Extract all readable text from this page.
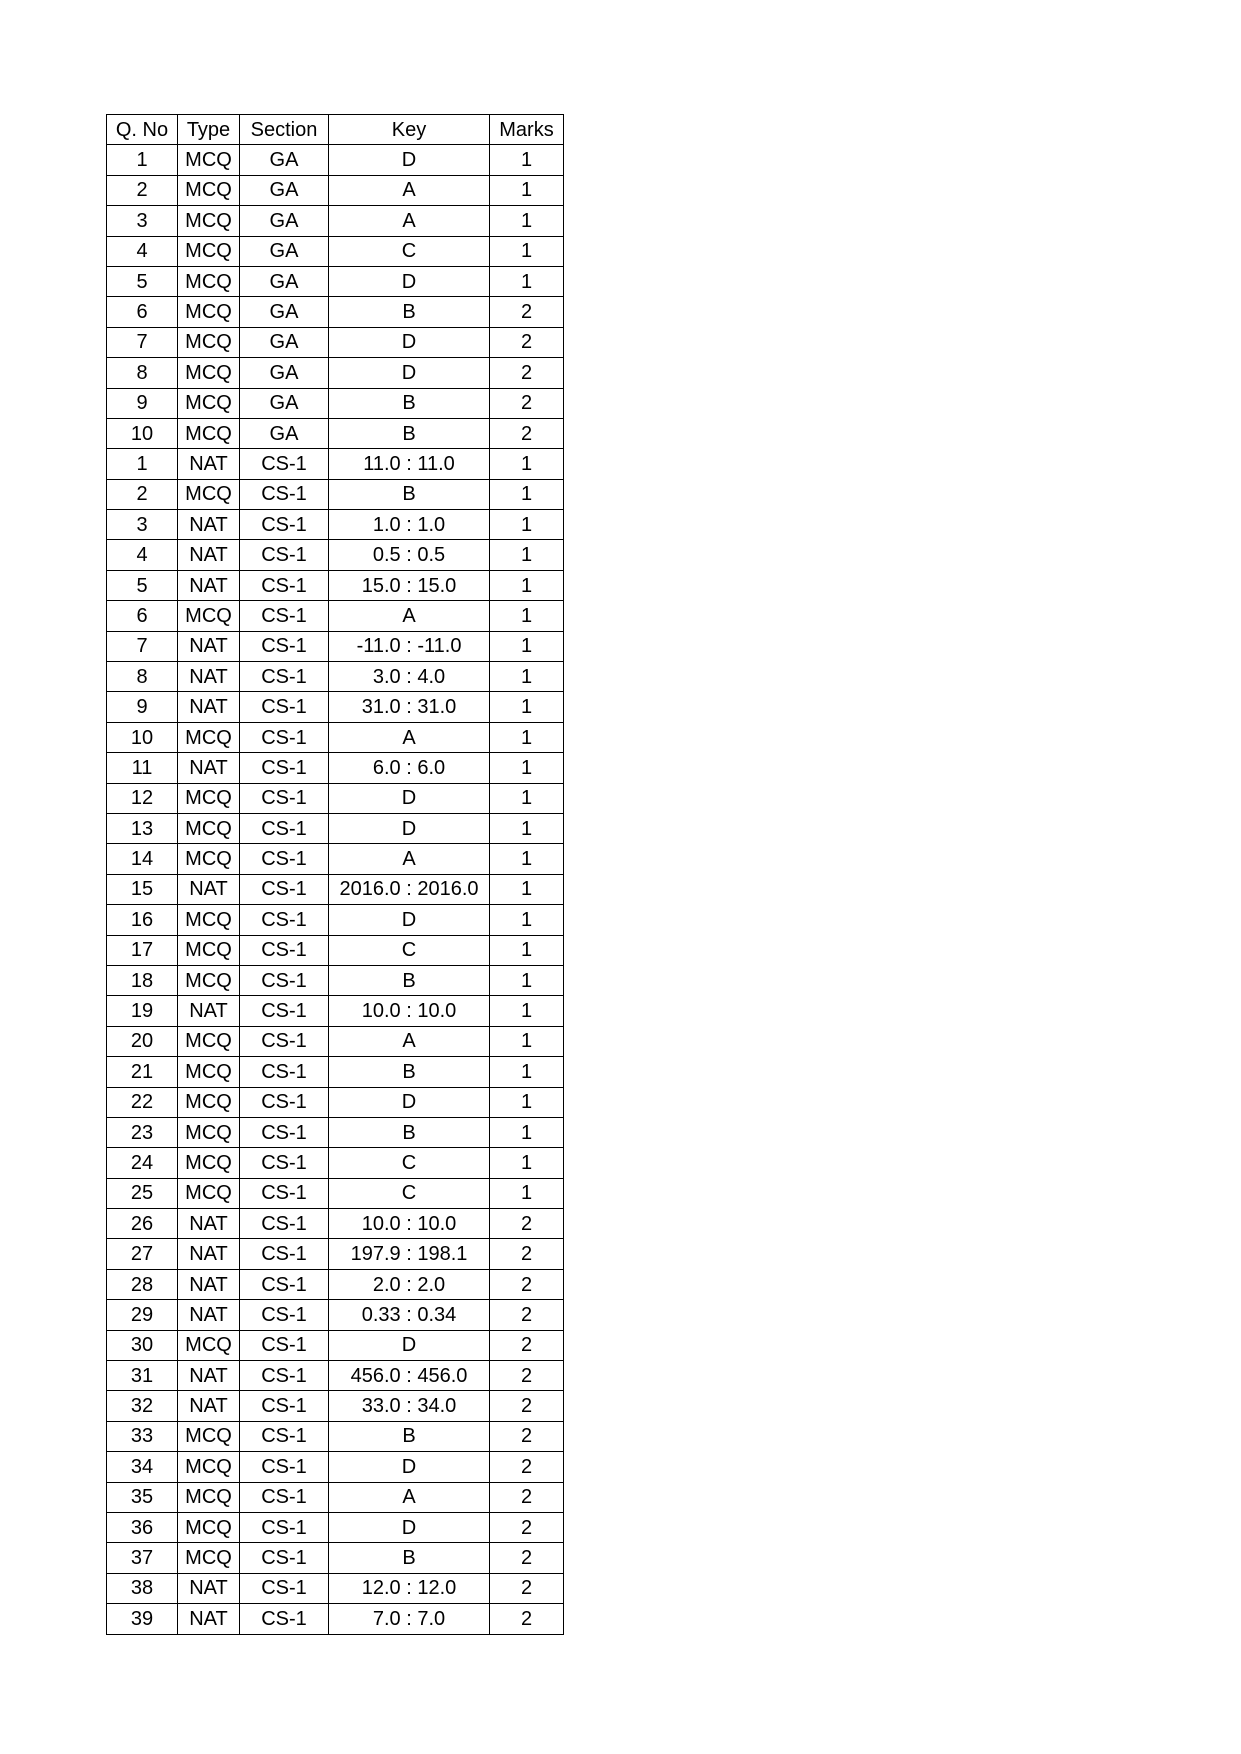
Q. No	Type	Section	Key	Marks
1	MCQ	GA	D	1
2	MCQ	GA	A	1
3	MCQ	GA	A	1
4	MCQ	GA	C	1
5	MCQ	GA	D	1
6	MCQ	GA	B	2
7	MCQ	GA	D	2
8	MCQ	GA	D	2
9	MCQ	GA	B	2
10	MCQ	GA	B	2
1	NAT	CS-1	11.0 : 11.0	1
2	MCQ	CS-1	B	1
3	NAT	CS-1	1.0 : 1.0	1
4	NAT	CS-1	0.5 : 0.5	1
5	NAT	CS-1	15.0 : 15.0	1
6	MCQ	CS-1	A	1
7	NAT	CS-1	-11.0 : -11.0	1
8	NAT	CS-1	3.0 : 4.0	1
9	NAT	CS-1	31.0 : 31.0	1
10	MCQ	CS-1	A	1
11	NAT	CS-1	6.0 : 6.0	1
12	MCQ	CS-1	D	1
13	MCQ	CS-1	D	1
14	MCQ	CS-1	A	1
15	NAT	CS-1	2016.0 : 2016.0	1
16	MCQ	CS-1	D	1
17	MCQ	CS-1	C	1
18	MCQ	CS-1	B	1
19	NAT	CS-1	10.0 : 10.0	1
20	MCQ	CS-1	A	1
21	MCQ	CS-1	B	1
22	MCQ	CS-1	D	1
23	MCQ	CS-1	B	1
24	MCQ	CS-1	C	1
25	MCQ	CS-1	C	1
26	NAT	CS-1	10.0 : 10.0	2
27	NAT	CS-1	197.9 : 198.1	2
28	NAT	CS-1	2.0 : 2.0	2
29	NAT	CS-1	0.33 : 0.34	2
30	MCQ	CS-1	D	2
31	NAT	CS-1	456.0 : 456.0	2
32	NAT	CS-1	33.0 : 34.0	2
33	MCQ	CS-1	B	2
34	MCQ	CS-1	D	2
35	MCQ	CS-1	A	2
36	MCQ	CS-1	D	2
37	MCQ	CS-1	B	2
38	NAT	CS-1	12.0 : 12.0	2
39	NAT	CS-1	7.0 : 7.0	2
